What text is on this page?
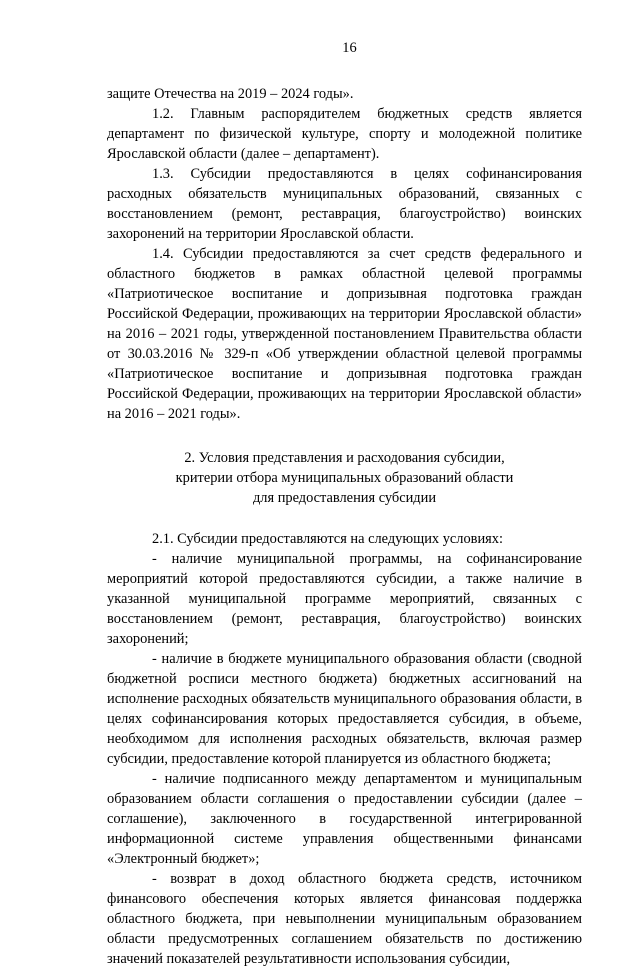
16

защите Отечества на 2019 – 2024 годы».

1.2. Главным распорядителем бюджетных средств является департамент по физической культуре, спорту и молодежной политике Ярославской области (далее – департамент).

1.3. Субсидии предоставляются в целях софинансирования расходных обязательств муниципальных образований, связанных с восстановлением (ремонт, реставрация, благоустройство) воинских захоронений на территории Ярославской области.

1.4. Субсидии предоставляются за счет средств федерального и областного бюджетов в рамках областной целевой программы «Патриотическое воспитание и допризывная подготовка граждан Российской Федерации, проживающих на территории Ярославской области» на 2016 – 2021 годы, утвержденной постановлением Правительства области от 30.03.2016 № 329-п «Об утверждении областной целевой программы «Патриотическое воспитание и допризывная подготовка граждан Российской Федерации, проживающих на территории Ярославской области» на 2016 – 2021 годы».

2. Условия представления и расходования субсидии,
критерии отбора муниципальных образований области
для предоставления субсидии

2.1. Субсидии предоставляются на следующих условиях:

- наличие муниципальной программы, на софинансирование мероприятий которой предоставляются субсидии, а также наличие в указанной муниципальной программе мероприятий, связанных с восстановлением (ремонт, реставрация, благоустройство) воинских захоронений;

- наличие в бюджете муниципального образования области (сводной бюджетной росписи местного бюджета) бюджетных ассигнований на исполнение расходных обязательств муниципального образования области, в целях софинансирования которых предоставляется субсидия, в объеме, необходимом для исполнения расходных обязательств, включая размер субсидии, предоставление которой планируется из областного бюджета;

- наличие подписанного между департаментом и муниципальным образованием области соглашения о предоставлении субсидии (далее – соглашение), заключенного в государственной интегрированной информационной системе управления общественными финансами «Электронный бюджет»;

- возврат в доход областного бюджета средств, источником финансового обеспечения которых является финансовая поддержка областного бюджета, при невыполнении муниципальным образованием области предусмотренных соглашением обязательств по достижению значений показателей результативности использования субсидии,
